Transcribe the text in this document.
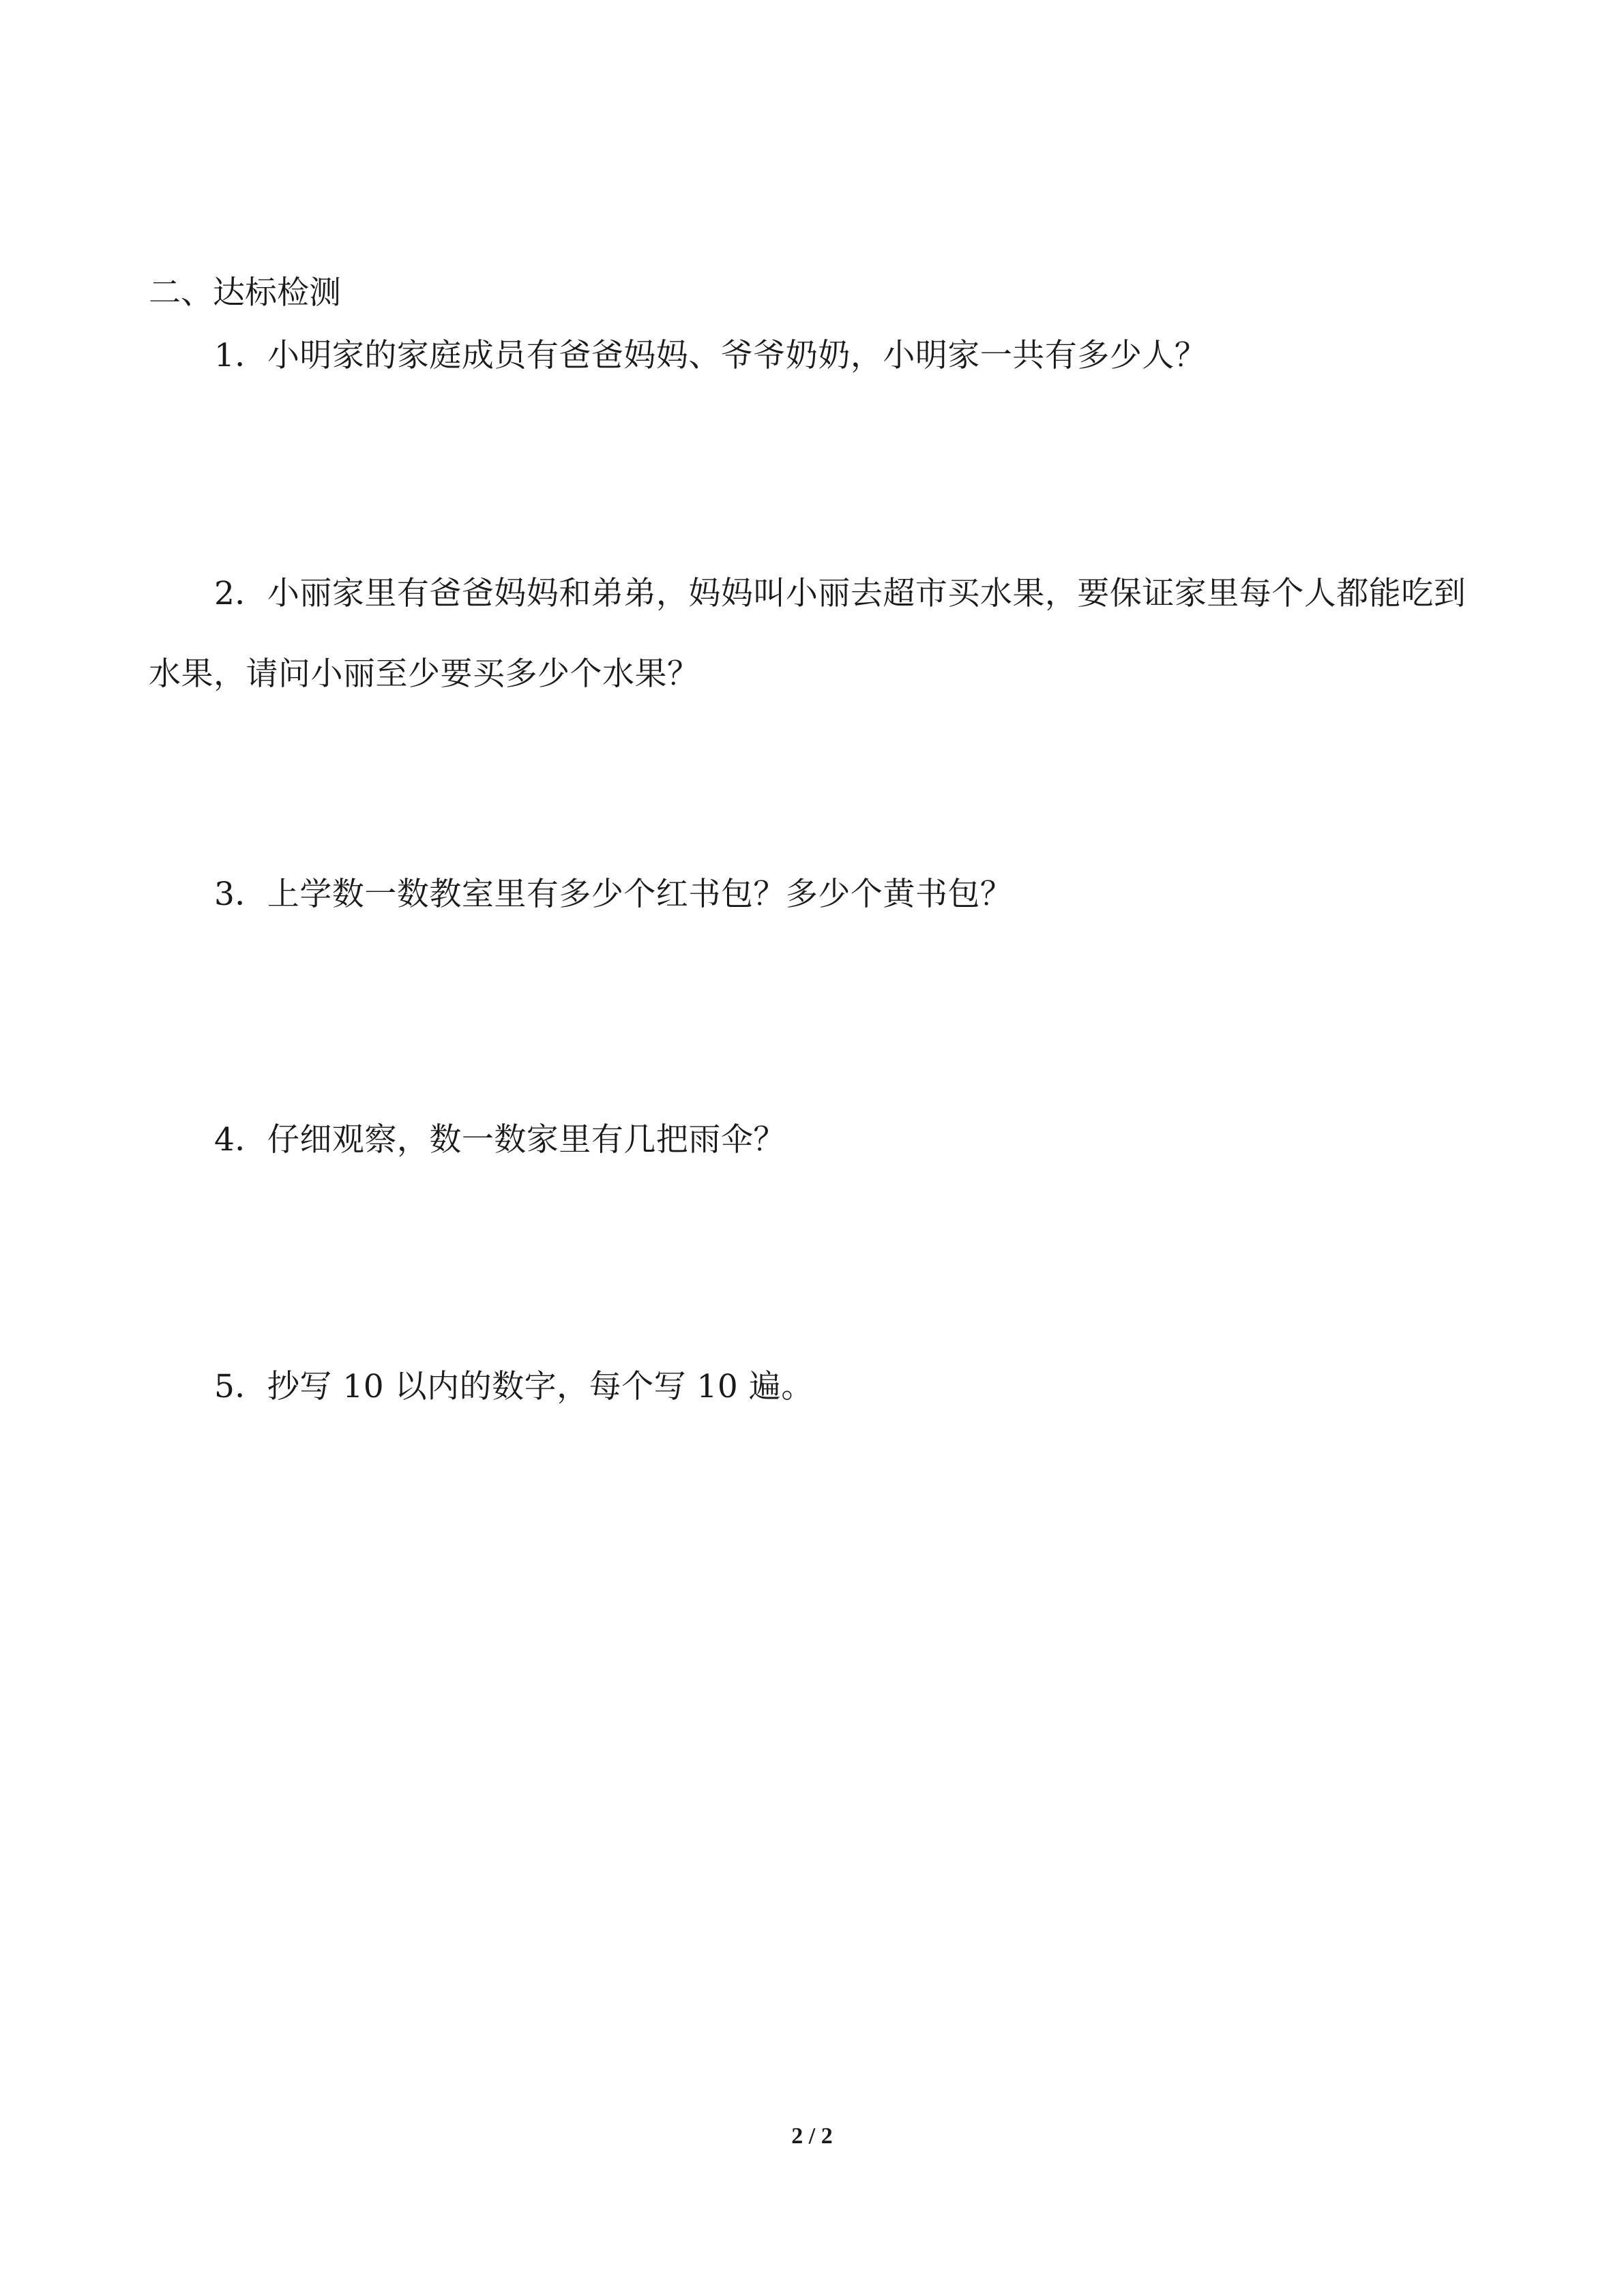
二、达标检测
1．小明家的家庭成员有爸爸妈妈、爷爷奶奶，小明家一共有多少人？
2．小丽家里有爸爸妈妈和弟弟，妈妈叫小丽去超市买水果，要保证家里每个人都能吃到水果，请问小丽至少要买多少个水果？
3．上学数一数教室里有多少个红书包？多少个黄书包？
4．仔细观察，数一数家里有几把雨伞？
5．抄写 10 以内的数字，每个写 10 遍。
2 / 2
